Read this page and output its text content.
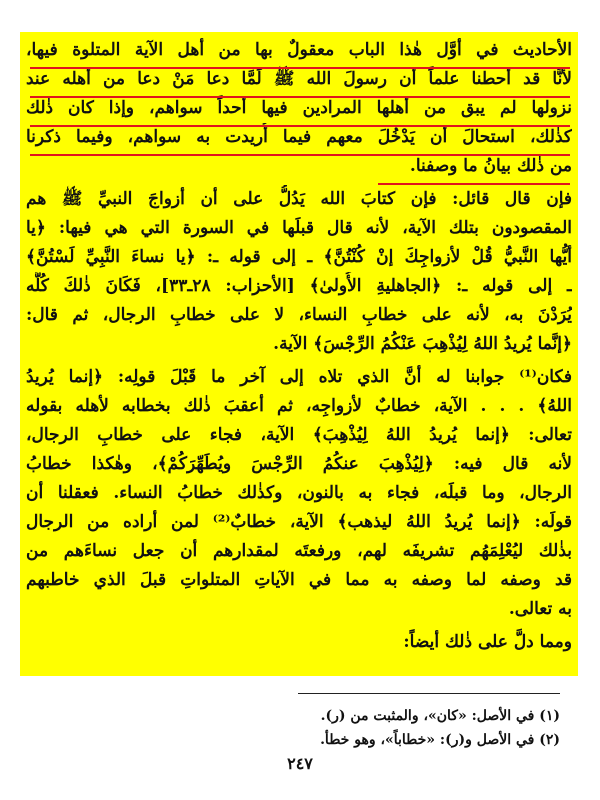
الأحاديث في أوَّل هٰذا الباب معقولٌ بها من أهل الآية المتلوة فيها،
لأنَّا قد أحطنا علماً أن رسولَ الله ﷺ لَمَّا دعا مَنْ دعا من أهله عند
نزولها لم يبق من أهلها المرادين فيها أحداً سواهم، وإذا كان ذٰلك
كذٰلك، استحالَ أن يَدْخُلَ معهم فيما أُريدت به سواهم، وفيما ذكرنا
من ذٰلك بيانُ ما وصفنا.
فإن قال قائل: فإن كتابَ الله يَدُلُّ على أن أزواجَ النبيِّ ﷺ هم
المقصودون بتلك الآية، لأنه قال قبلَها في السورة التي هي فيها: ﴿يا
أيُّها النَّبيُّ قُلْ لأزواجِكَ إنْ كُنْتُنَّ﴾ ـ إلى قوله ـ: ﴿يا نساءَ النَّبِيِّ لَسْتُنَّ﴾
ـ إلى قوله ـ: ﴿الجاهليةِ الأُولىٰ﴾ [الأحزاب: ٢٨ـ٣٣]، فَكَانَ ذٰلكَ كُلُّه
يُرَدْنَ به، لأنه على خطابِ النساء، لا على خطابِ الرجال، ثم قال:
﴿إنَّما يُريدُ اللهُ لِيُذْهِبَ عَنْكُمُ الرِّجْسَ﴾ الآية.
فكان⁽¹⁾ جوابنا له أنَّ الذي تلاه إلى آخر ما قَبْلَ قولِه: ﴿إنما يُريدُ
اللهُ﴾ . . . الآية، خطابٌ لأزواجِه، ثم أعقبَ ذٰلك بخطابه لأهله بقوله
تعالى: ﴿إنما يُريدُ اللهُ لِيُذْهِبَ﴾ الآية، فجاء على خطابِ الرجال،
لأنه قال فيه: ﴿لِيُذْهِبَ عنكُمُ الرِّجْسَ ويُطَهِّرَكُمْ﴾، وهٰكذا خطابُ
الرجال، وما قبلَه، فجاء به بالنون، وكذٰلك خطابُ النساء. فعقلنا أن
قولَه: ﴿إنما يُريدُ اللهُ ليذهب﴾ الآية، خطابٌ⁽²⁾ لمن أراده من الرجال
بذٰلك ليُعْلِمَهُم تشريفَه لهم، ورفعتَه لمقدارهم أن جعل نساءَهم من
قد وصفه لما وصفه به مما في الآياتِ المتلواتِ قبلَ الذي خاطبهم
به تعالى.
ومما دلَّ على ذٰلك أيضاً:
(١) في الأصل: «كان»، والمثبت من (ر).
(٢) في الأصل و(ر): «خطاباً»، وهو خطأ.
٢٤٧
